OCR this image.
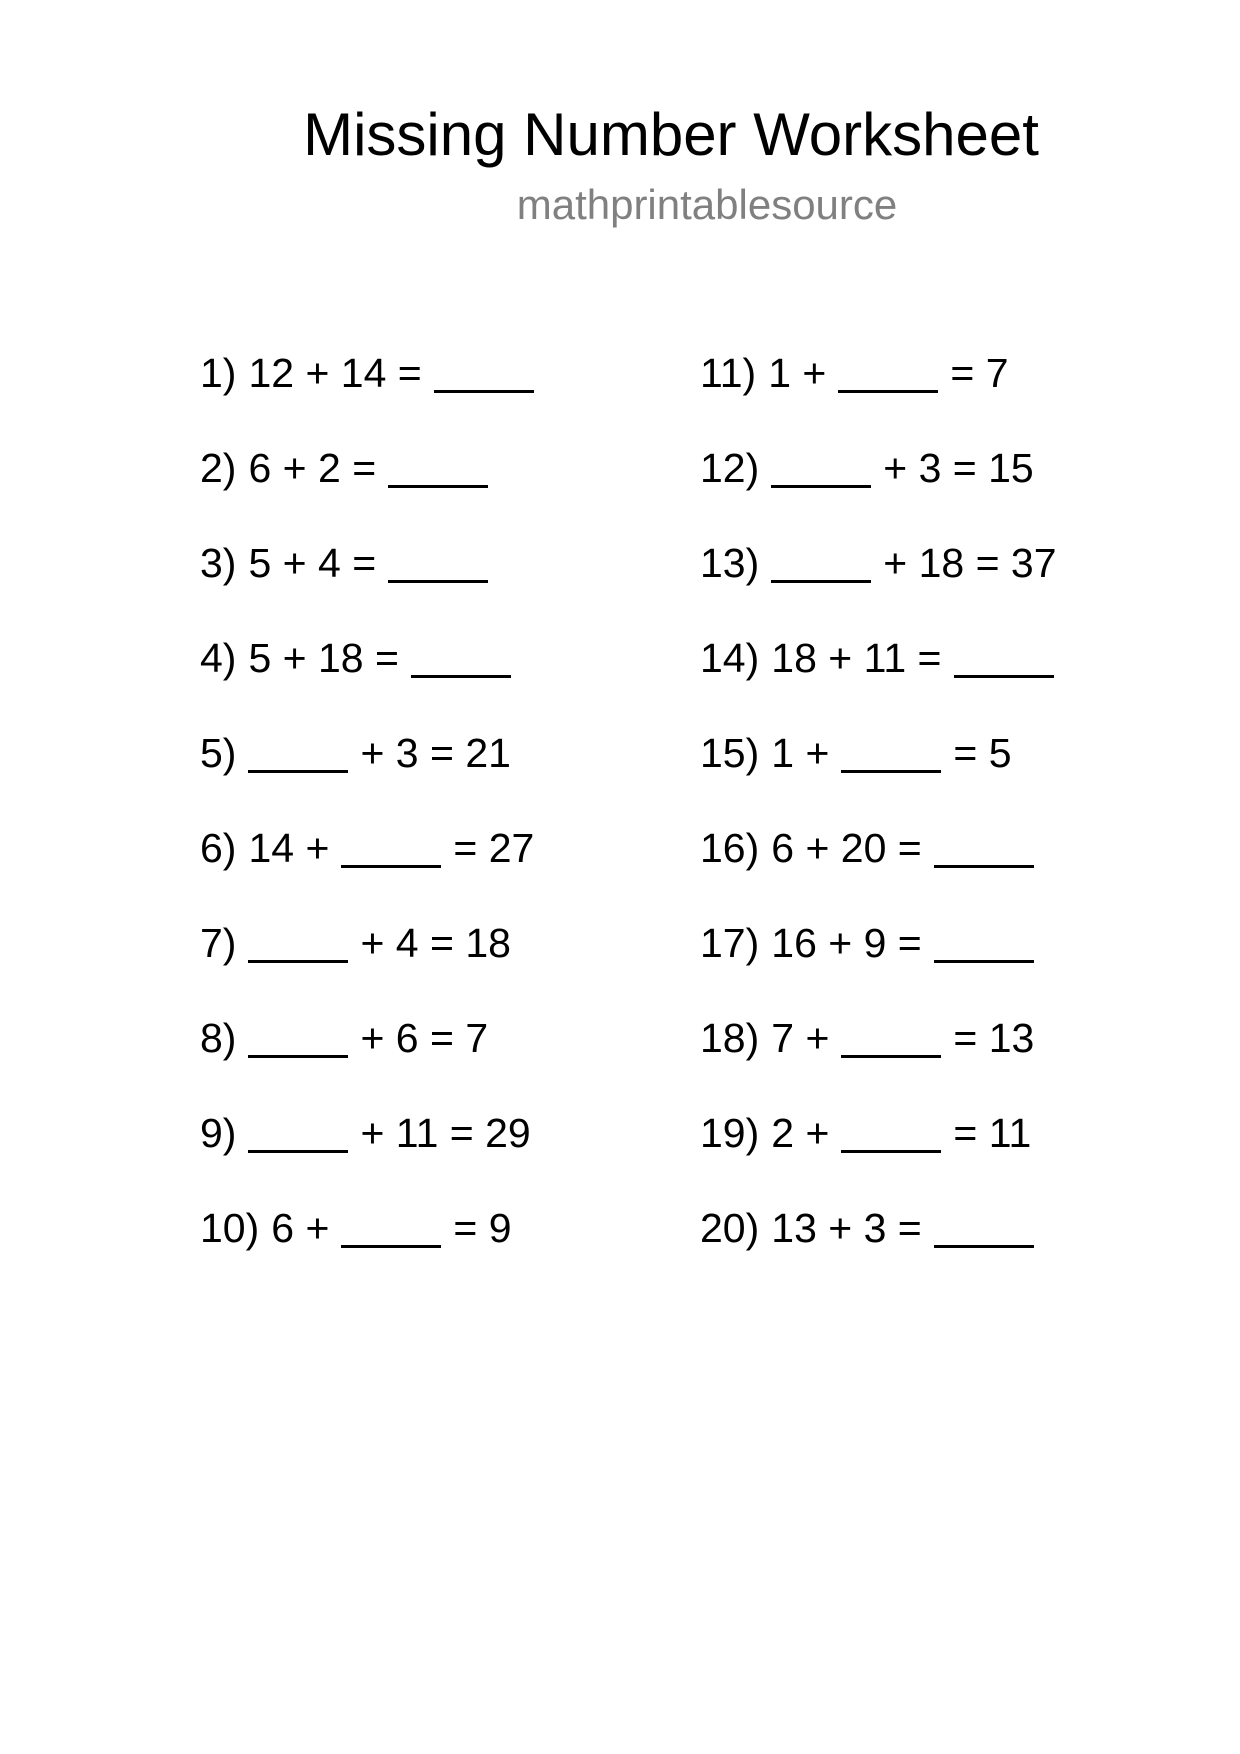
Missing Number Worksheet
mathprintablesource
1) 12 + 14 =
2) 6 + 2 =
3) 5 + 4 =
4) 5 + 18 =
5)	+ 3 = 21
6) 14 +	= 27
7)	+ 4 = 18
8)	+ 6 = 7
9)	+ 11 = 29
10) 6 +	= 9
11) 1 +	= 7
12)	+ 3 = 15
13)	+ 18 = 37
14) 18 + 11 =
15) 1 +	= 5
16) 6 + 20 =
17) 16 + 9 =
18) 7 +	= 13
19) 2 +	= 11
20) 13 + 3 =
